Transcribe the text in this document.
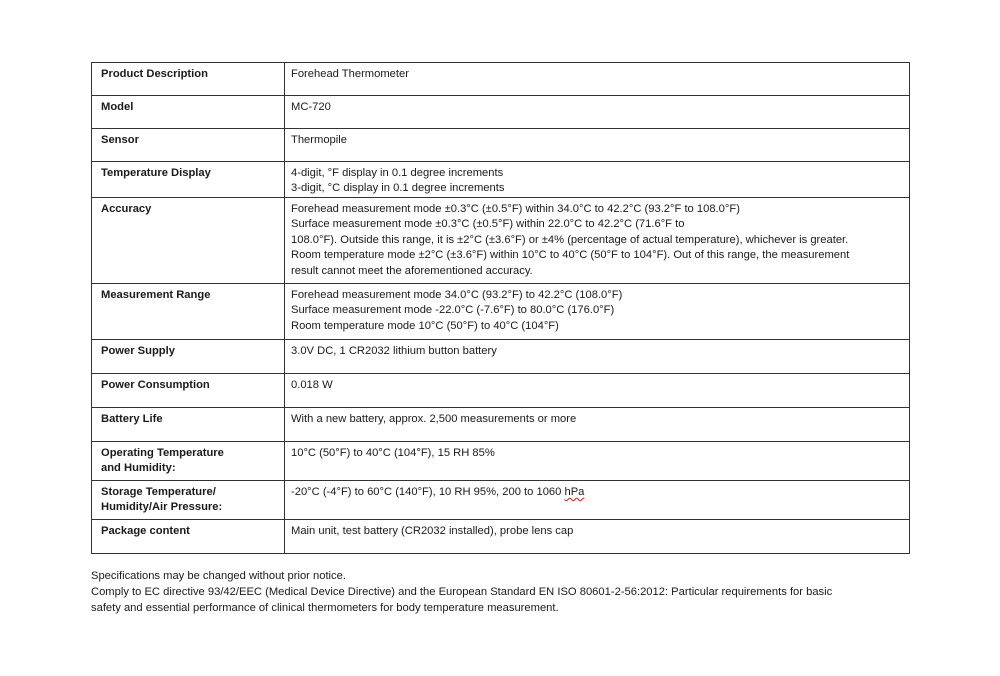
Product Description	Forehead Thermometer

Model	MC-720

Sensor	Thermopile

Temperature Display	4-digit, °F display in 0.1 degree increments
3-digit, °C display in 0.1 degree increments

Accuracy	Forehead measurement mode ±0.3°C (±0.5°F) within 34.0°C to 42.2°C (93.2°F to 108.0°F)
Surface measurement mode ±0.3°C (±0.5°F) within 22.0°C to 42.2°C (71.6°F to
108.0°F). Outside this range, it is ±2°C (±3.6°F) or ±4% (percentage of actual temperature), whichever is greater.
Room temperature mode ±2°C (±3.6°F) within 10°C to 40°C (50°F to 104°F). Out of this range, the measurement
result cannot meet the aforementioned accuracy.

Measurement Range	Forehead measurement mode 34.0°C (93.2°F) to 42.2°C (108.0°F)
Surface measurement mode -22.0°C (-7.6°F) to 80.0°C (176.0°F)
Room temperature mode 10°C (50°F) to 40°C (104°F)

Power Supply	3.0V DC, 1 CR2032 lithium button battery

Power Consumption	0.018 W

Battery Life	With a new battery, approx. 2,500 measurements or more

Operating Temperature
and Humidity:	10°C (50°F) to 40°C (104°F), 15 RH 85%

Storage Temperature/
Humidity/Air Pressure:	-20°C (-4°F) to 60°C (140°F), 10 RH 95%, 200 to 1060 hPa

Package content	Main unit, test battery (CR2032 installed), probe lens cap
Specifications may be changed without prior notice.
Comply to EC directive 93/42/EEC (Medical Device Directive) and the European Standard EN ISO 80601-2-56:2012: Particular requirements for basic
safety and essential performance of clinical thermometers for body temperature measurement.
